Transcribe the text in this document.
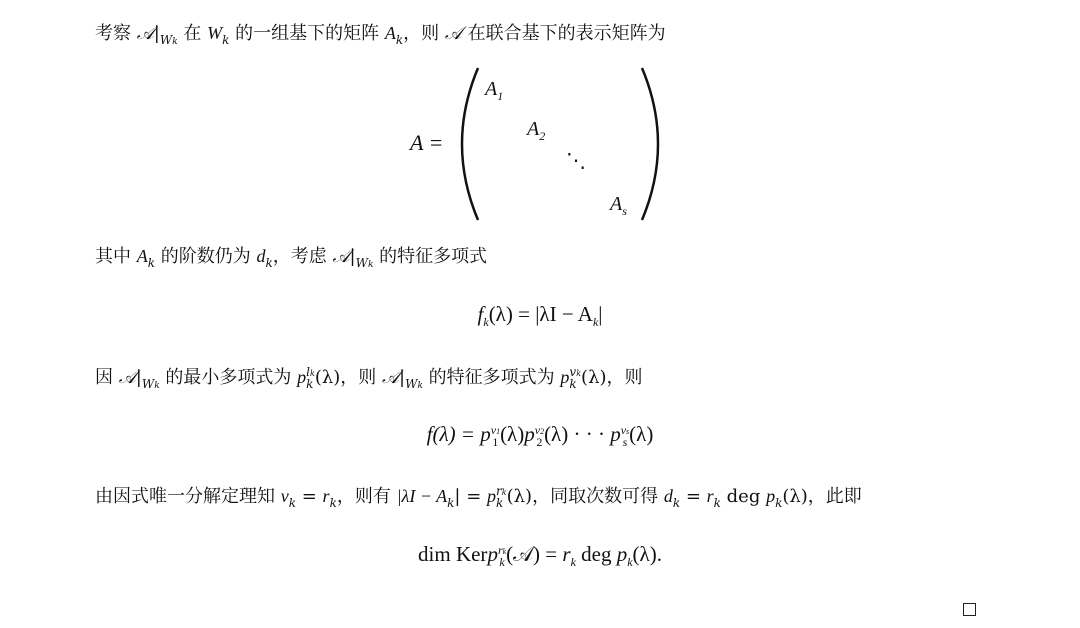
考察 $𝒜|_{Wk}$ 在 $W_k$ 的一组基下的矩阵 $A_k$，则 𝒜 在联合基下的表示矩阵为
A =
$A_1$
$A_2$
⋱
$A_s$
其中 $A_k$ 的阶数仍为 $d_k$，考虑 $𝒜|_{Wk}$ 的特征多项式
$f_k(\lambda) = |\lambda I - A_k|$
因 $𝒜|_{Wk}$ 的最小多项式为 p lk
k (λ)，则 $𝒜|_{Wk}$ 的特征多项式为 p vk
k (λ)，则
f(λ) = p v1
1 (λ)p v2
2 (λ) · · · p vs
s (λ)
由因式唯一分解定理知 $v_k = r_k$，则有 $|\lambda I - A_k| = p$ rk
k (λ)，同取次数可得 $d_k = r_k$ deg $p_k(\lambda)$，此即
dim Kerp rk
k (𝒜) = $r_k$ deg $p_k(\lambda)$.
